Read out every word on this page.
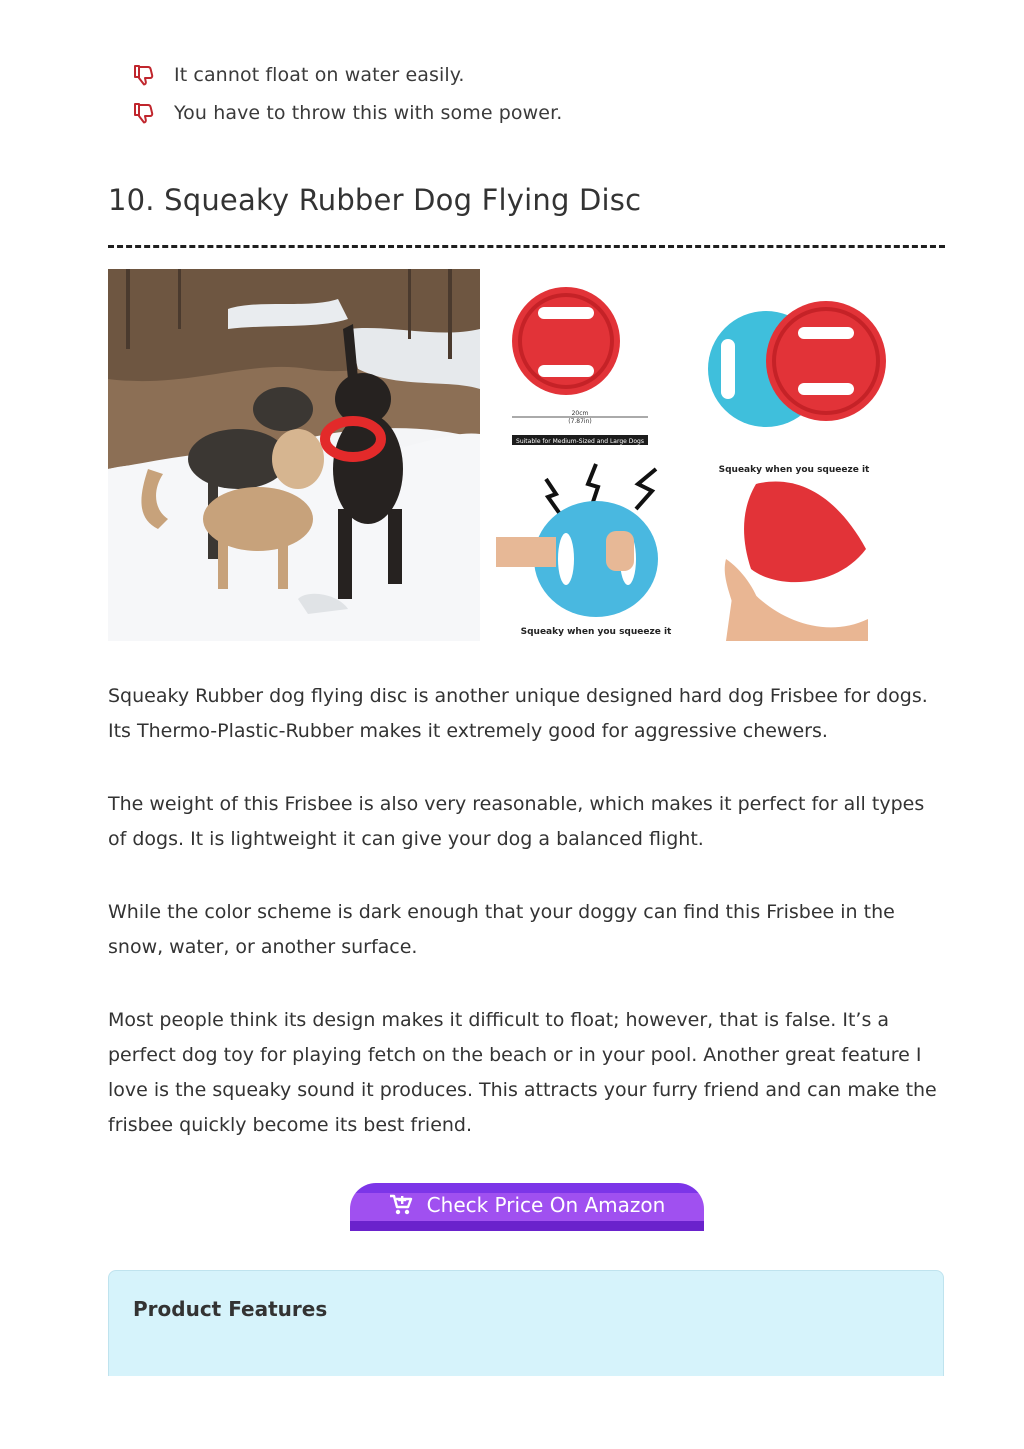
It cannot float on water easily.
You have to throw this with some power.
10. Squeaky Rubber Dog Flying Disc
20cm
(7.87in)
Suitable for Medium-Sized and Large Dogs
Squeaky when you squeeze it
Squeaky when you squeeze it

Squeaky Rubber dog flying disc is another unique designed hard dog Frisbee for dogs. Its Thermo-Plastic-Rubber makes it extremely good for aggressive chewers.

The weight of this Frisbee is also very reasonable, which makes it perfect for all types of dogs. It is lightweight it can give your dog a balanced flight.

While the color scheme is dark enough that your doggy can find this Frisbee in the snow, water, or another surface.

Most people think its design makes it difficult to float; however, that is false. It’s a perfect dog toy for playing fetch on the beach or in your pool. Another great feature I love is the squeaky sound it produces. This attracts your furry friend and can make the frisbee quickly become its best friend.

Check Price On Amazon
Product Features
